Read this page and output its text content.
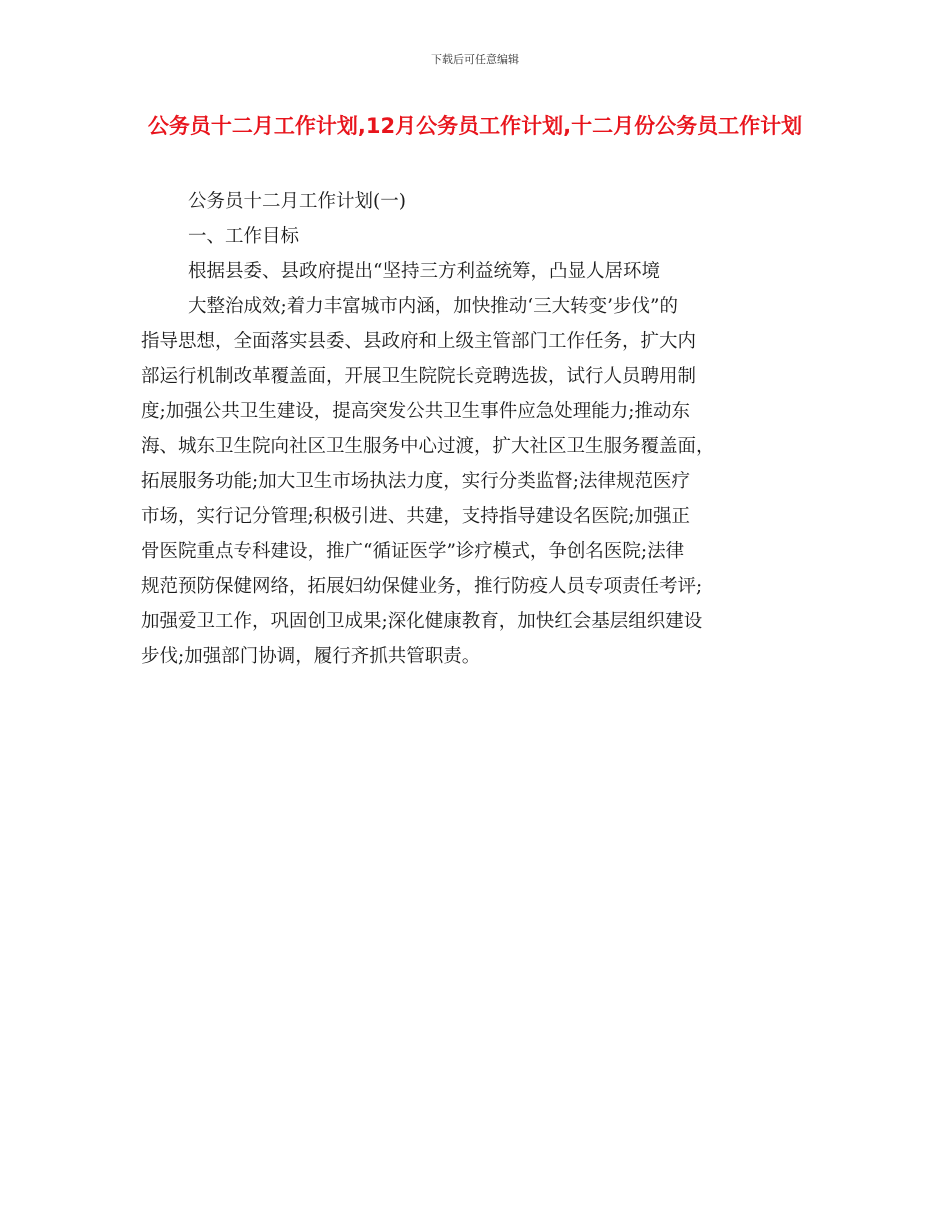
下载后可任意编辑
公务员十二月工作计划,12月公务员工作计划,十二月份公务员工作计划

公务员十二月工作计划(一)

一、工作目标

根据县委、县政府提出“坚持三方利益统筹，凸显人居环境

大整治成效;着力丰富城市内涵，加快推动‘三大转变’步伐”的

指导思想，全面落实县委、县政府和上级主管部门工作任务，扩大内

部运行机制改革覆盖面，开展卫生院院长竞聘选拔，试行人员聘用制

度;加强公共卫生建设，提高突发公共卫生事件应急处理能力;推动东

海、城东卫生院向社区卫生服务中心过渡，扩大社区卫生服务覆盖面，

拓展服务功能;加大卫生市场执法力度，实行分类监督;法律规范医疗

市场，实行记分管理;积极引进、共建，支持指导建设名医院;加强正

骨医院重点专科建设，推广“循证医学”诊疗模式，争创名医院;法律

规范预防保健网络，拓展妇幼保健业务，推行防疫人员专项责任考评;

加强爱卫工作，巩固创卫成果;深化健康教育，加快红会基层组织建设

步伐;加强部门协调，履行齐抓共管职责。
